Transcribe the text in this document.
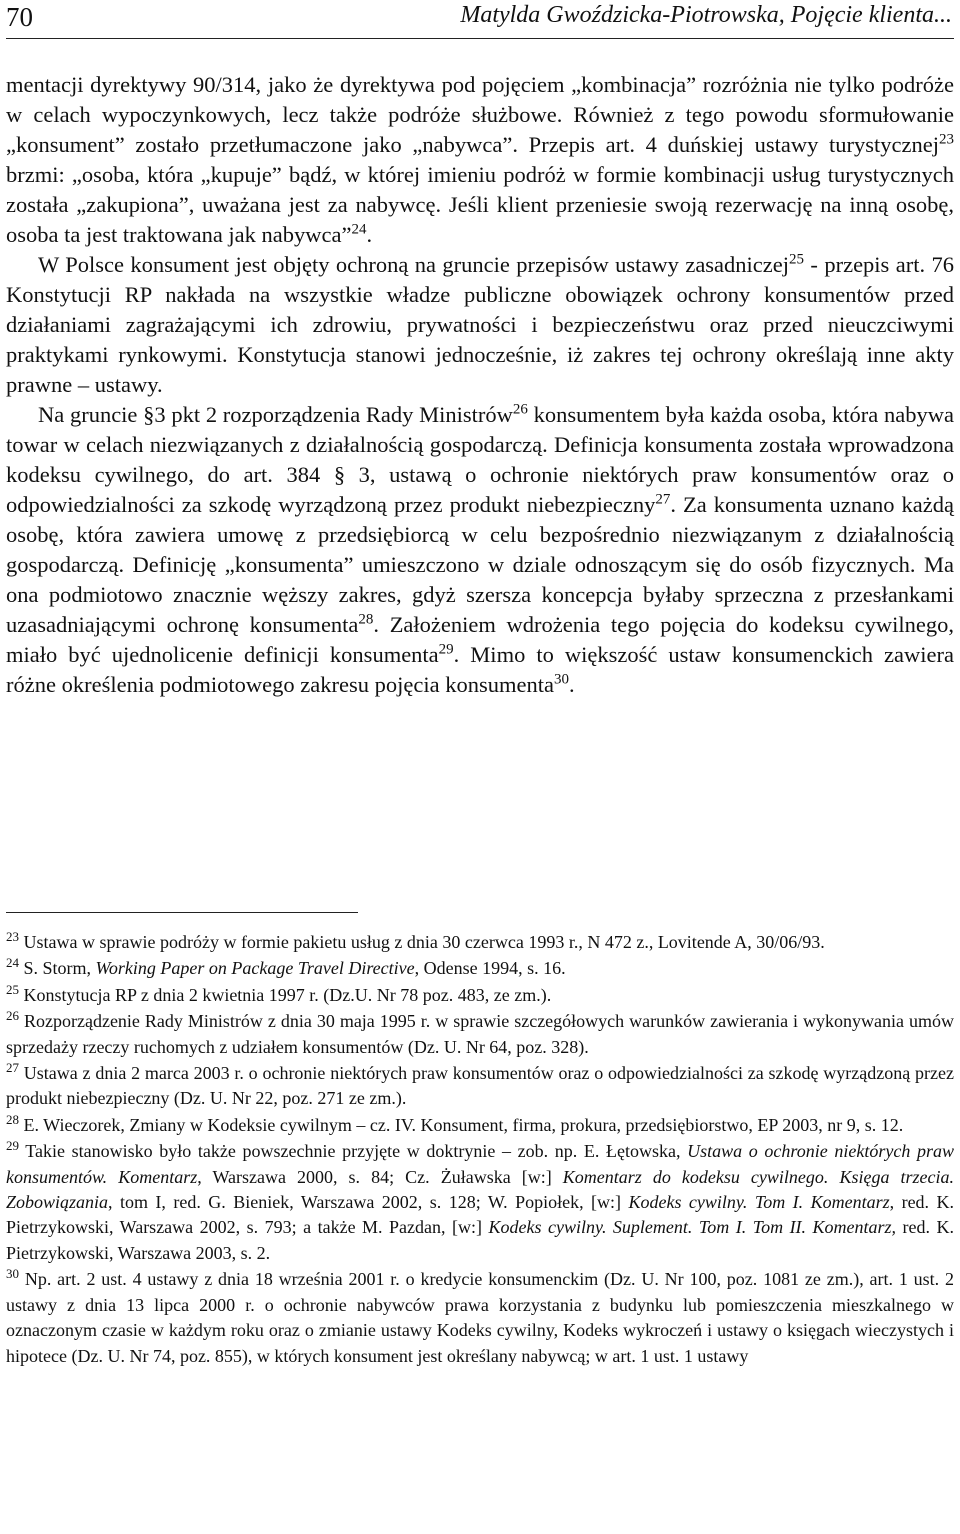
70	Matylda Gwoździcka-Piotrowska, Pojęcie klienta...

mentacji dyrektywy 90/314, jako że dyrektywa pod pojęciem „kombinacja” rozróżnia nie tylko podróże w celach wypoczynkowych, lecz także podróże służbowe. Również z tego powodu sformułowanie „konsument” zostało przetłumaczone jako „nabywca”. Przepis art. 4 duńskiej ustawy turystycznej$^{23}$ brzmi: „osoba, która „kupuje” bądź, w której imieniu podróż w formie kombinacji usług turystycznych została „zakupiona”, uważana jest za nabywcę. Jeśli klient przeniesie swoją rezerwację na inną osobę, osoba ta jest traktowana jak nabywca”$^{24}$.

W Polsce konsument jest objęty ochroną na gruncie przepisów ustawy zasadniczej$^{25}$ - przepis art. 76 Konstytucji RP nakłada na wszystkie władze publiczne obowiązek ochrony konsumentów przed działaniami zagrażającymi ich zdrowiu, prywatności i bezpieczeństwu oraz przed nieuczciwymi praktykami rynkowymi. Konstytucja stanowi jednocześnie, iż zakres tej ochrony określają inne akty prawne – ustawy.

Na gruncie §3 pkt 2 rozporządzenia Rady Ministrów$^{26}$ konsumentem była każda osoba, która nabywa towar w celach niezwiązanych z działalnością gospodarczą. Definicja konsumenta została wprowadzona kodeksu cywilnego, do art. 384 § 3, ustawą o ochronie niektórych praw konsumentów oraz o odpowiedzialności za szkodę wyrządzoną przez produkt niebezpieczny$^{27}$. Za konsumenta uznano każdą osobę, która zawiera umowę z przedsiębiorcą w celu bezpośrednio niezwiązanym z działalnością gospodarczą. Definicję „konsumenta” umieszczono w dziale odnoszącym się do osób fizycznych. Ma ona podmiotowo znacznie węższy zakres, gdyż szersza koncepcja byłaby sprzeczna z przesłankami uzasadniającymi ochronę konsumenta$^{28}$. Założeniem wdrożenia tego pojęcia do kodeksu cywilnego, miało być ujednolicenie definicji konsumenta$^{29}$. Mimo to większość ustaw konsumenckich zawiera różne określenia podmiotowego zakresu pojęcia konsumenta$^{30}$.

$^{23}$ Ustawa w sprawie podróży w formie pakietu usług z dnia 30 czerwca 1993 r., N 472 z., Lovitende A, 30/06/93.

$^{24}$ S. Storm, Working Paper on Package Travel Directive, Odense 1994, s. 16.

$^{25}$ Konstytucja RP z dnia 2 kwietnia 1997 r. (Dz.U. Nr 78 poz. 483, ze zm.).

$^{26}$ Rozporządzenie Rady Ministrów z dnia 30 maja 1995 r. w sprawie szczegółowych warunków zawierania i wykonywania umów sprzedaży rzeczy ruchomych z udziałem konsumentów (Dz. U. Nr 64, poz. 328).

$^{27}$ Ustawa z dnia 2 marca 2003 r. o ochronie niektórych praw konsumentów oraz o odpowiedzialności za szkodę wyrządzoną przez produkt niebezpieczny (Dz. U. Nr 22, poz. 271 ze zm.).

$^{28}$ E. Wieczorek, Zmiany w Kodeksie cywilnym – cz. IV. Konsument, firma, prokura, przedsiębiorstwo, EP 2003, nr 9, s. 12.

$^{29}$ Takie stanowisko było także powszechnie przyjęte w doktrynie – zob. np. E. Łętowska, Ustawa o ochronie niektórych praw konsumentów. Komentarz, Warszawa 2000, s. 84; Cz. Żuławska [w:] Komentarz do kodeksu cywilnego. Księga trzecia. Zobowiązania, tom I, red. G. Bieniek, Warszawa 2002, s. 128; W. Popiołek, [w:] Kodeks cywilny. Tom I. Komentarz, red. K. Pietrzykowski, Warszawa 2002, s. 793; a także M. Pazdan, [w:] Kodeks cywilny. Suplement. Tom I. Tom II. Komentarz, red. K. Pietrzykowski, Warszawa 2003, s. 2.

$^{30}$ Np. art. 2 ust. 4 ustawy z dnia 18 września 2001 r. o kredycie konsumenckim (Dz. U. Nr 100, poz. 1081 ze zm.), art. 1 ust. 2 ustawy z dnia 13 lipca 2000 r. o ochronie nabywców prawa korzystania z budynku lub pomieszczenia mieszkalnego w oznaczonym czasie w każdym roku oraz o zmianie ustawy Kodeks cywilny, Kodeks wykroczeń i ustawy o księgach wieczystych i hipotece (Dz. U. Nr 74, poz. 855), w których konsument jest określany nabywcą; w art. 1 ust. 1 ustawy
